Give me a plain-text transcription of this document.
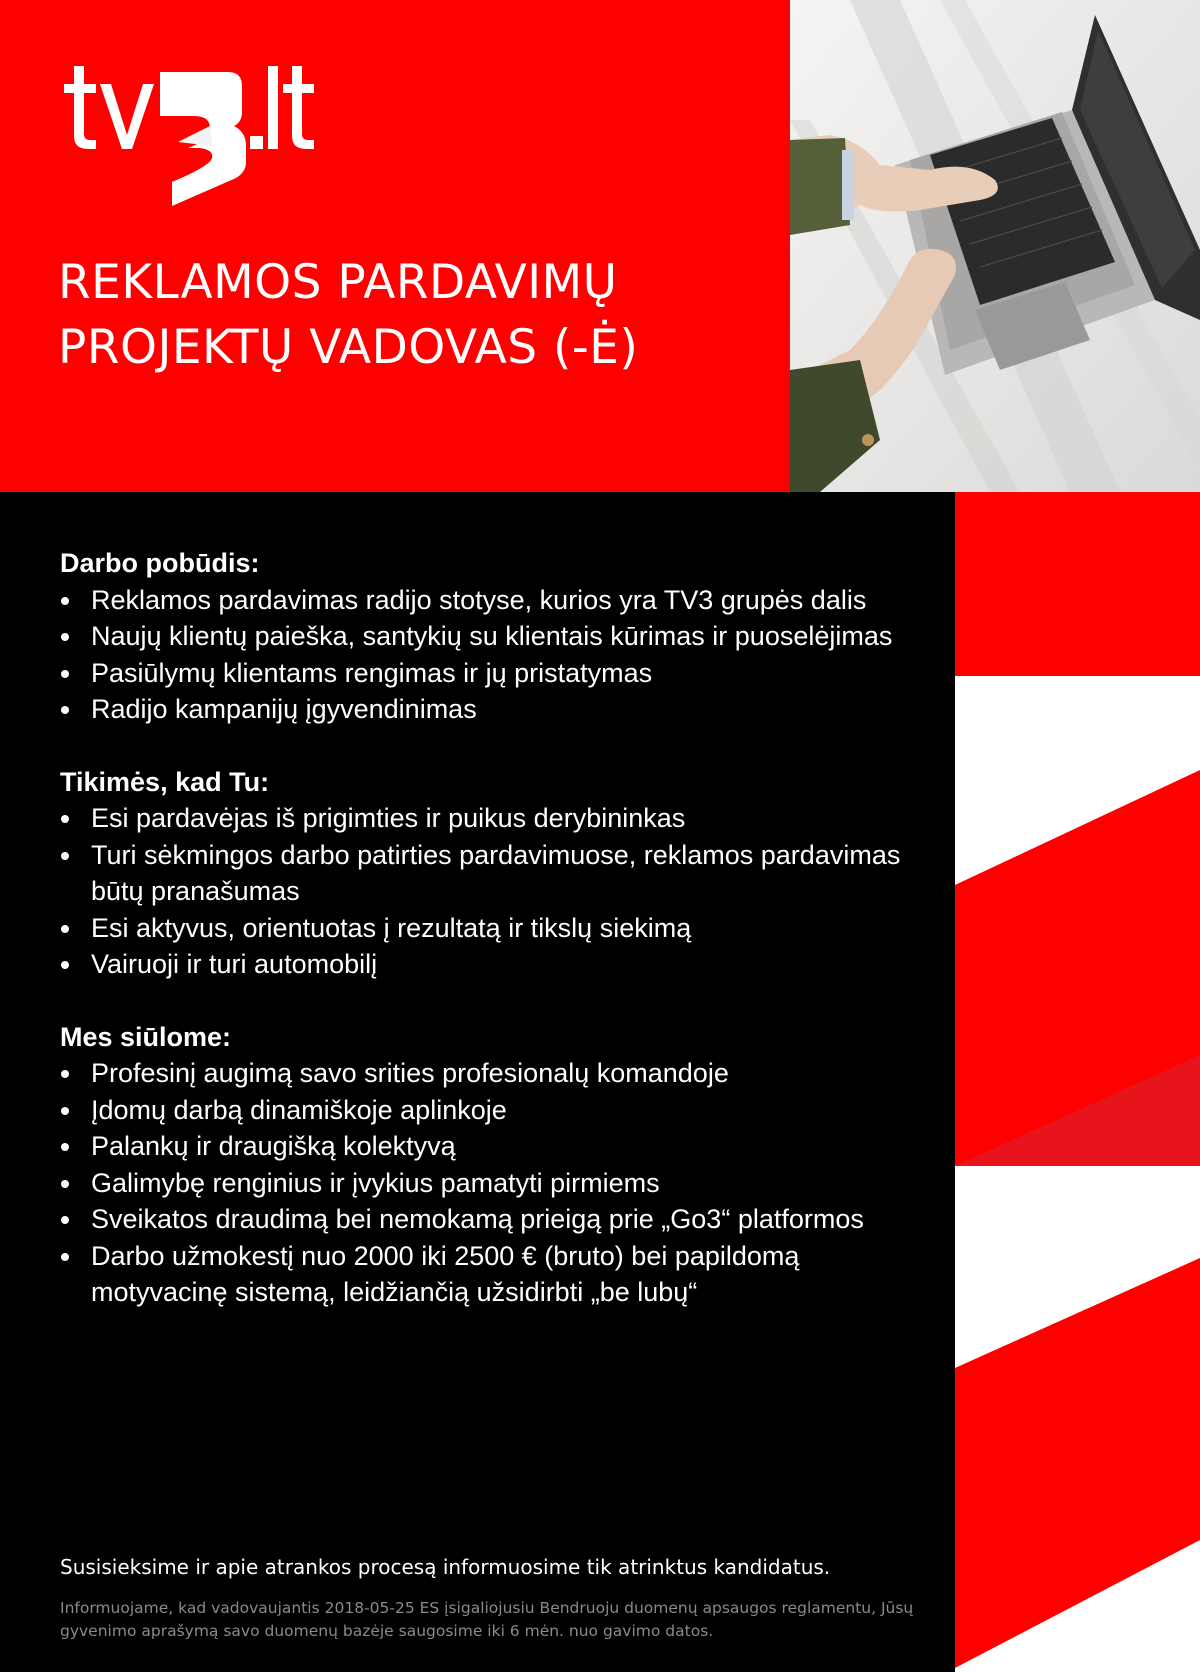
REKLAMOS PARDAVIMŲ
PROJEKTŲ VADOVAS (-Ė)
Darbo pobūdis:
Reklamos pardavimas radijo stotyse, kurios yra TV3 grupės dalis
Naujų klientų paieška, santykių su klientais kūrimas ir puoselėjimas
Pasiūlymų klientams rengimas ir jų pristatymas
Radijo kampanijų įgyvendinimas
Tikimės, kad Tu:
Esi pardavėjas iš prigimties ir puikus derybininkas
Turi sėkmingos darbo patirties pardavimuose, reklamos pardavimas būtų pranašumas
Esi aktyvus, orientuotas į rezultatą ir tikslų siekimą
Vairuoji ir turi automobilį
Mes siūlome:
Profesinį augimą savo srities profesionalų komandoje
Įdomų darbą dinamiškoje aplinkoje
Palankų ir draugišką kolektyvą
Galimybę renginius ir įvykius pamatyti pirmiems
Sveikatos draudimą bei nemokamą prieigą prie „Go3“ platformos
Darbo užmokestį nuo 2000 iki 2500 € (bruto) bei papildomą motyvacinę sistemą, leidžiančią užsidirbti „be lubų“

Susisieksime ir apie atrankos procesą informuosime tik atrinktus kandidatus.

Informuojame, kad vadovaujantis 2018-05-25 ES įsigaliojusiu Bendruoju duomenų apsaugos reglamentu, Jūsų gyvenimo aprašymą savo duomenų bazėje saugosime iki 6 mėn. nuo gavimo datos.
